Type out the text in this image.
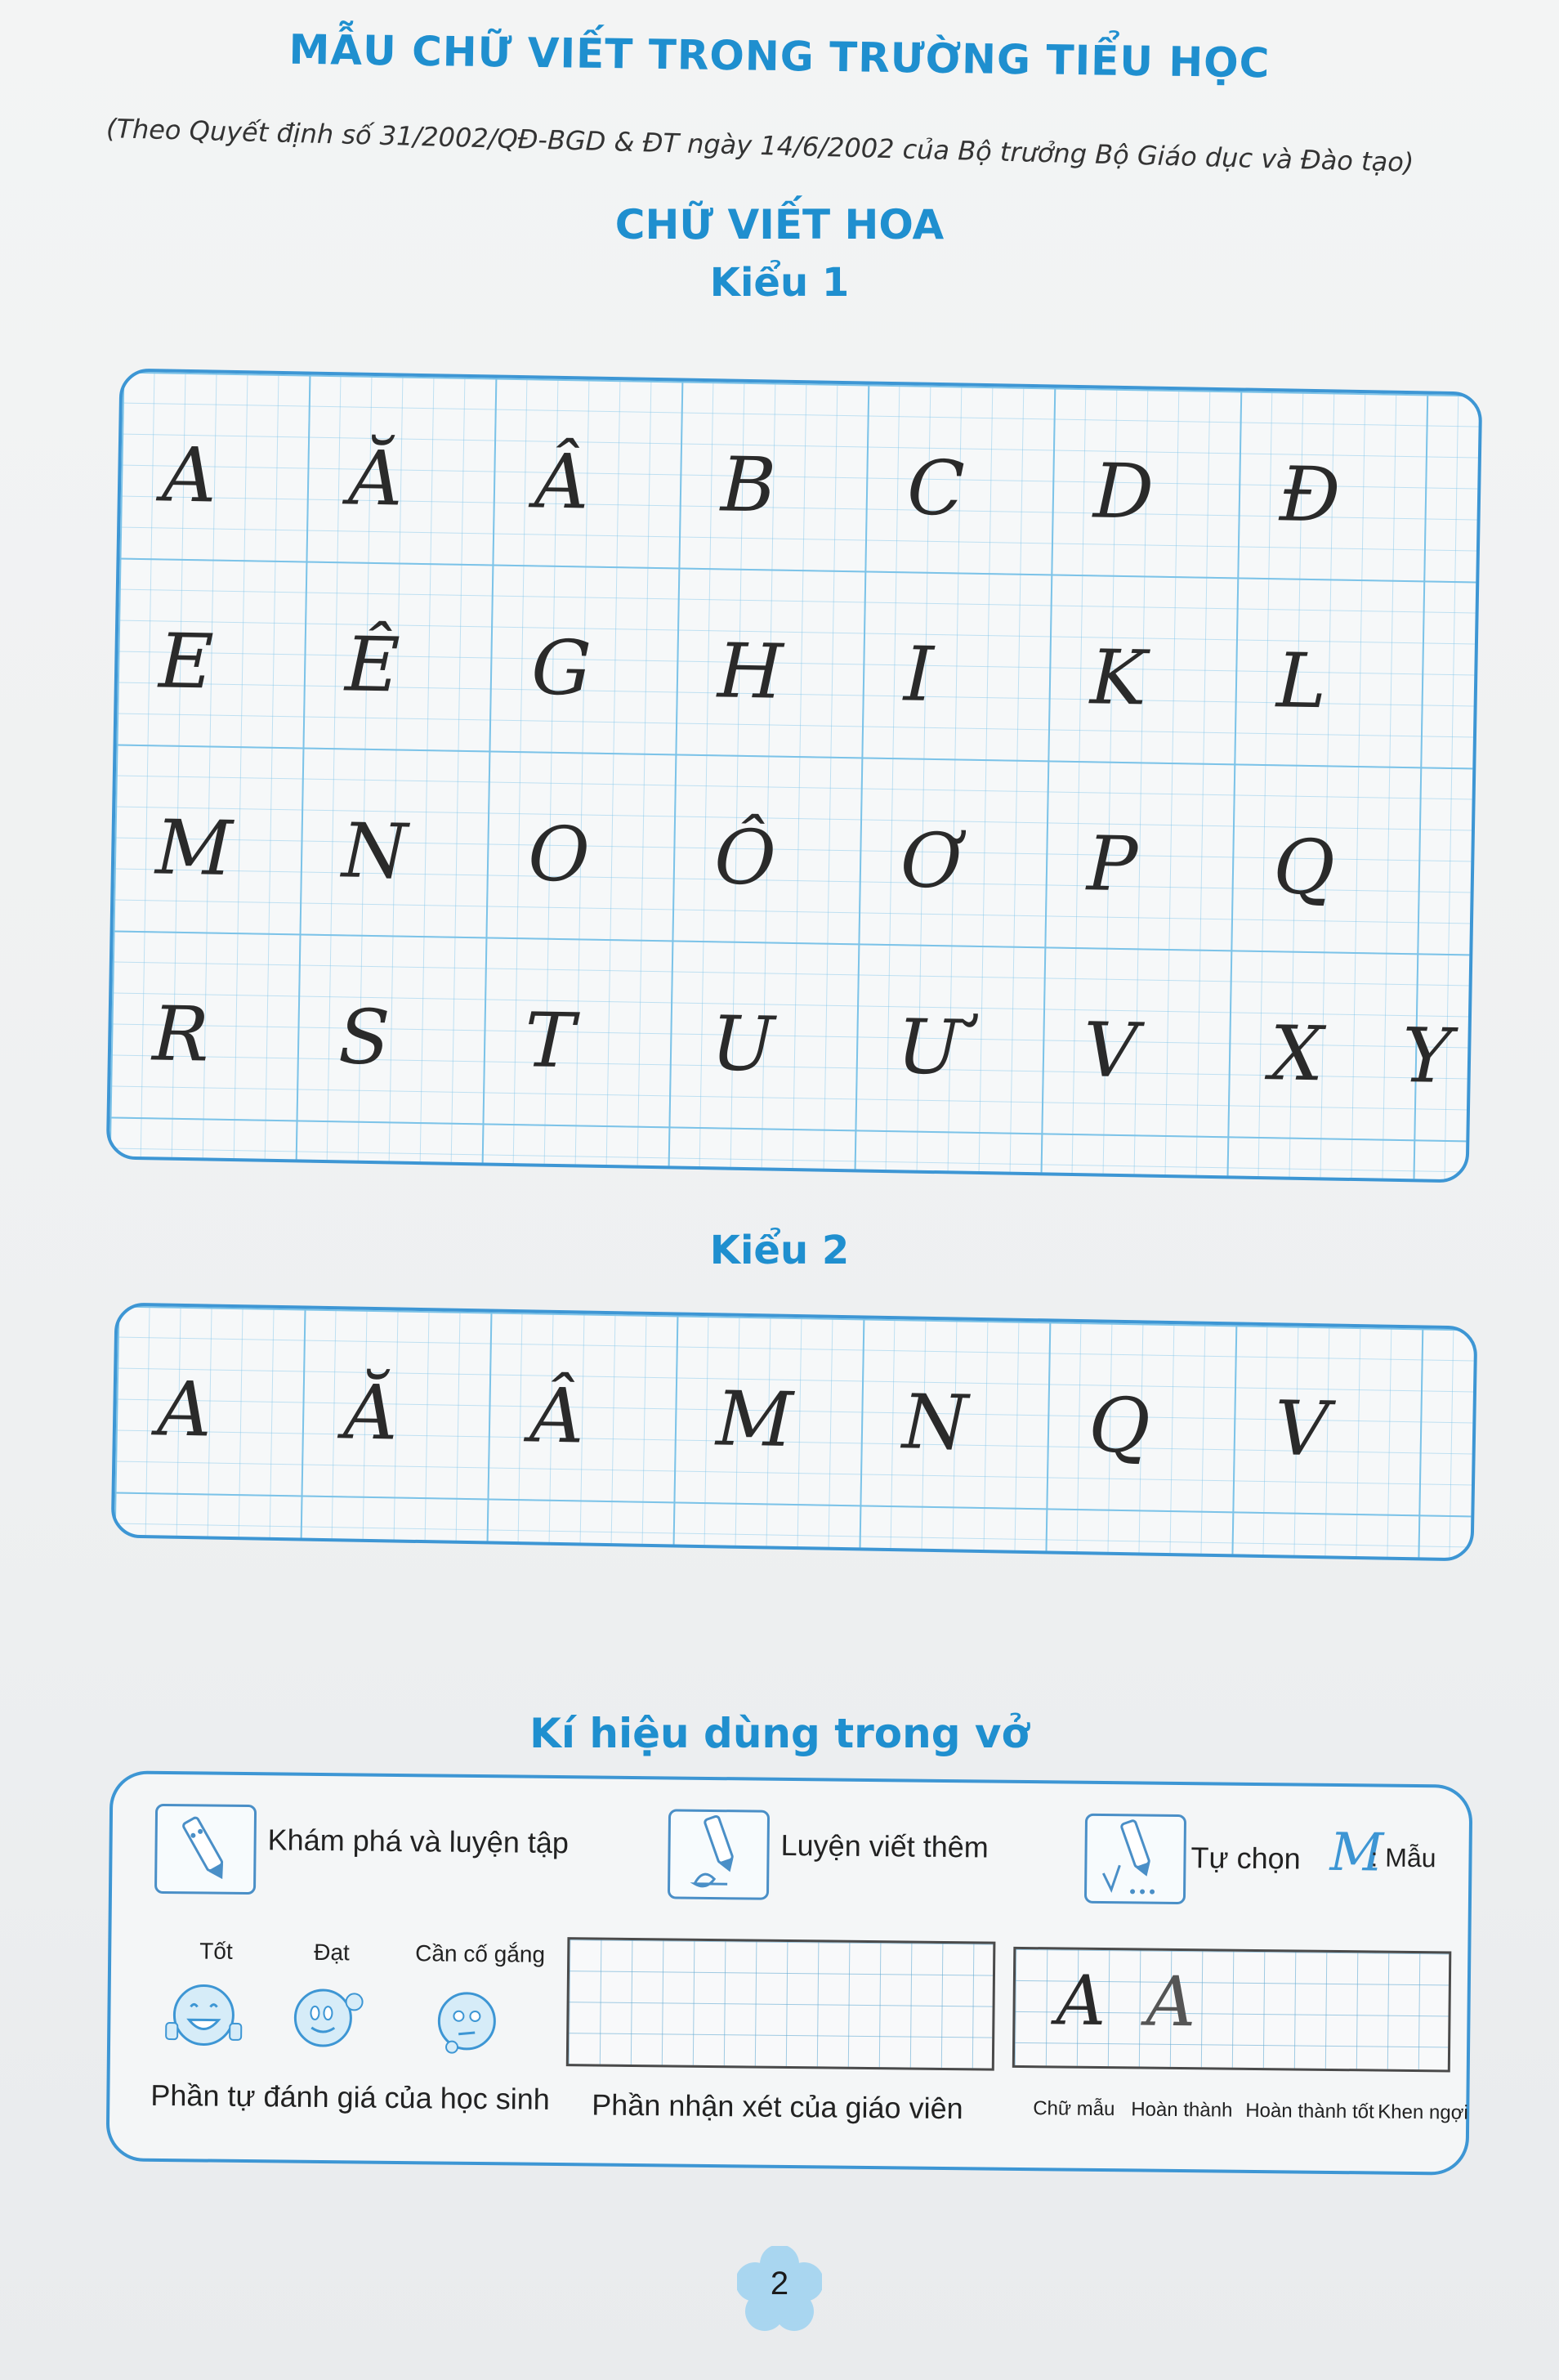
MẪU CHỮ VIẾT TRONG TRƯỜNG TIỂU HỌC
(Theo Quyết định số 31/2002/QĐ-BGD & ĐT ngày 14/6/2002 của Bộ trưởng Bộ Giáo dục và Đào tạo)
CHỮ VIẾT HOA
Kiểu 1
A Ă Â B C D Đ
E Ê G H I K L
M N O Ô Ơ P Q
R S T U Ư V X Y
Kiểu 2
A Ă Â M N Q V
Kí hiệu dùng trong vở
Khám phá và luyện tập	Luyện viết thêm	Tự chọn M
: Mẫu
Tốt	Đạt	Cần cố gắng
A A
Phần tự đánh giá của học sinh Phần nhận xét của giáo viên	Chữ mẫu Hoàn thành Hoàn thành tốt Khen ngợi
2
